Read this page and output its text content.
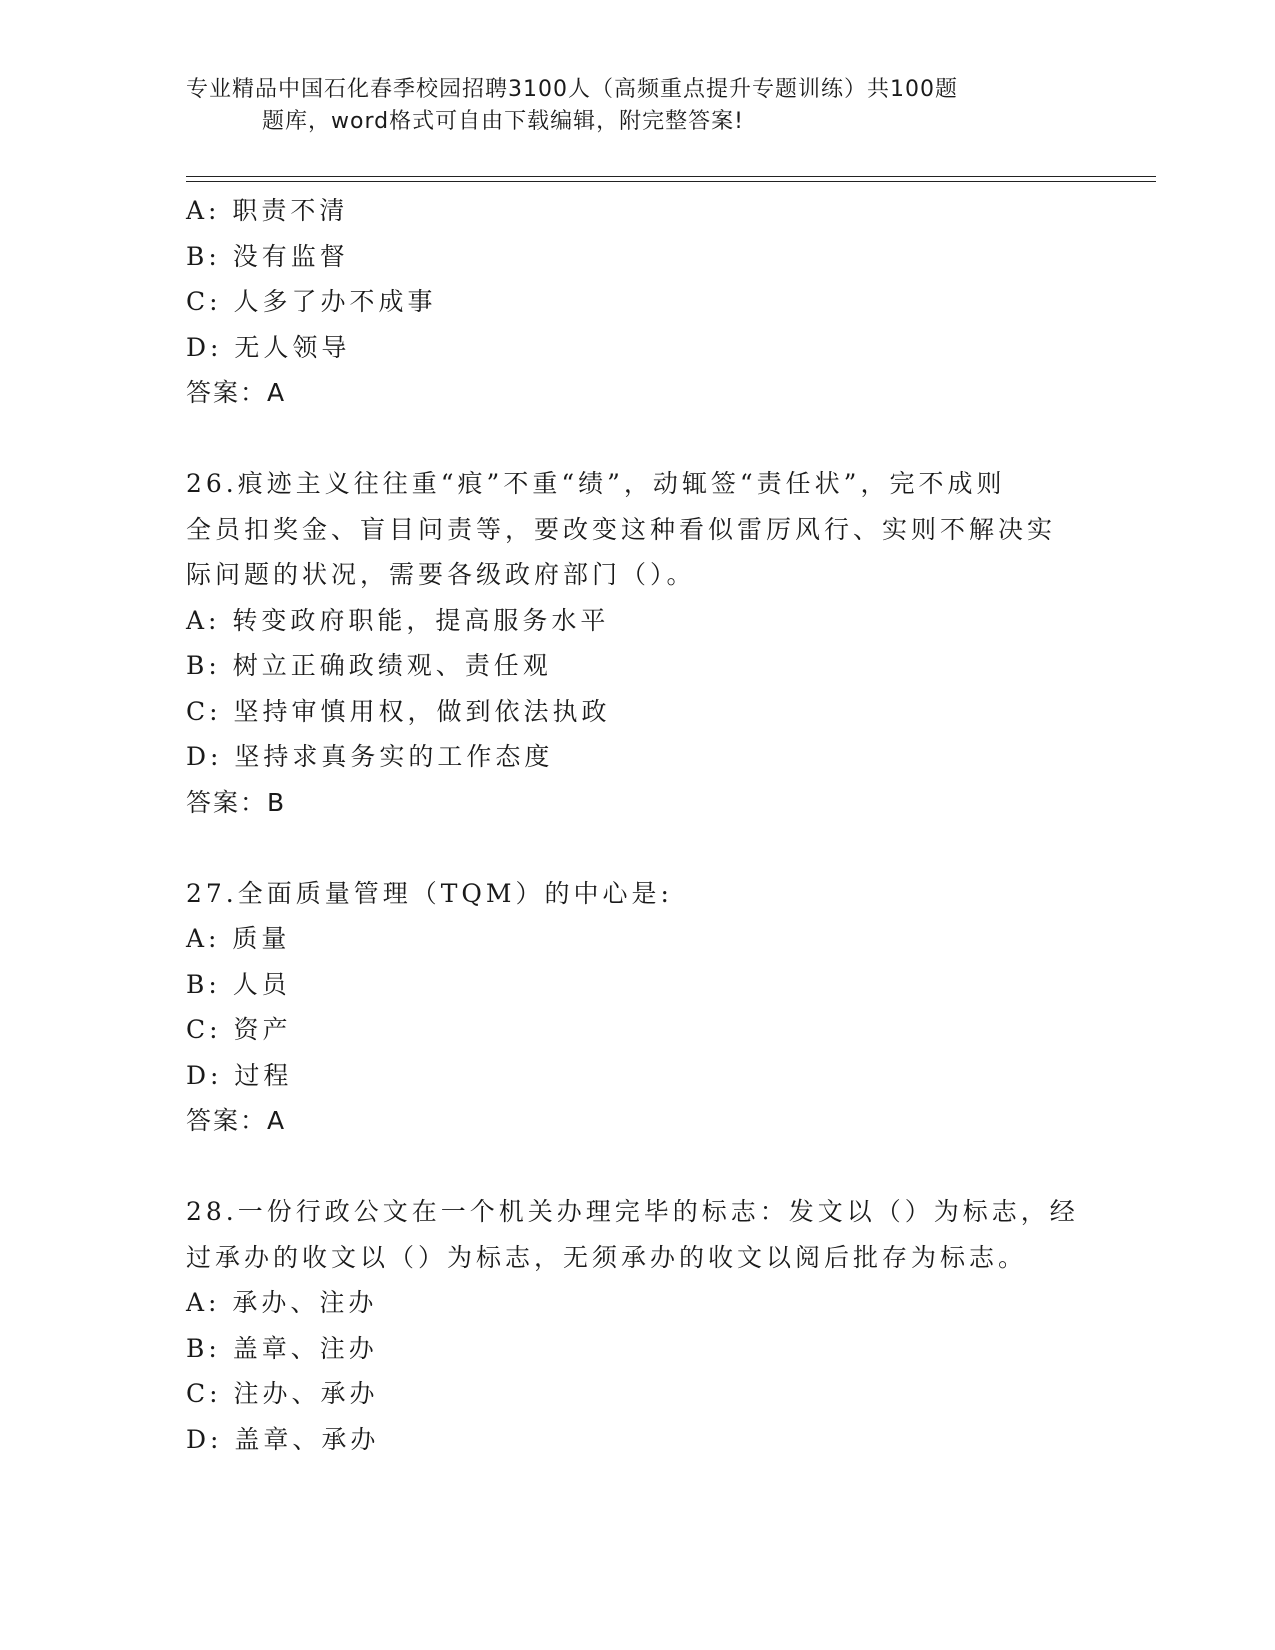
专业精品中国石化春季校园招聘3100人（高频重点提升专题训练）共100题
题库，word格式可自由下载编辑，附完整答案!
A: 职责不清
B: 没有监督
C: 人多了办不成事
D: 无人领导
答案：A
26.痕迹主义往往重“痕”不重“绩”，动辄签“责任状”，完不成则
全员扣奖金、盲目问责等，要改变这种看似雷厉风行、实则不解决实
际问题的状况，需要各级政府部门（）。
A: 转变政府职能，提高服务水平
B: 树立正确政绩观、责任观
C: 坚持审慎用权，做到依法执政
D: 坚持求真务实的工作态度
答案：B
27.全面质量管理（TQM）的中心是:
A: 质量
B: 人员
C: 资产
D: 过程
答案：A
28.一份行政公文在一个机关办理完毕的标志：发文以（）为标志，经
过承办的收文以（）为标志，无须承办的收文以阅后批存为标志。
A: 承办、注办
B: 盖章、注办
C: 注办、承办
D: 盖章、承办
